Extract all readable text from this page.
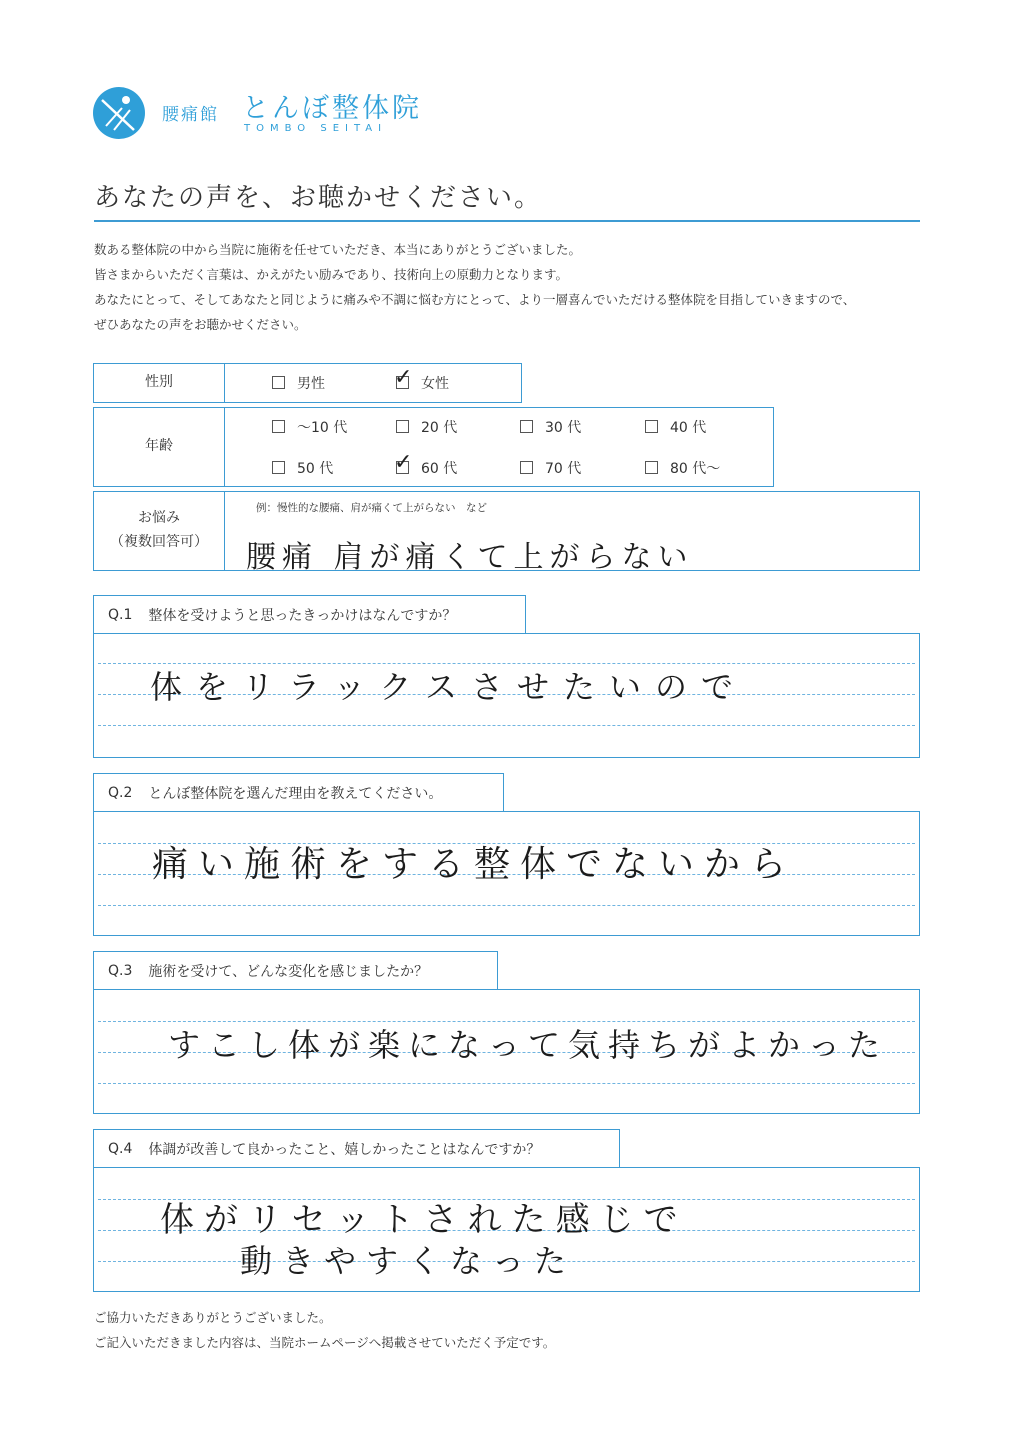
腰痛館 とんぼ整体院
TOMBO SEITAI
あなたの声を、お聴かせください。
数ある整体院の中から当院に施術を任せていただき、本当にありがとうございました。
皆さまからいただく言葉は、かえがたい励みであり、技術向上の原動力となります。
あなたにとって、そしてあなたと同じように痛みや不調に悩む方にとって、より一層喜んでいただける整体院を目指していきますので、
ぜひあなたの声をお聴かせください。
性別	男性	✓ 女性
年齢
～10 代	20 代	30 代	40 代
50 代	✓ 60 代	70 代	80 代～
お悩み
（複数回答可）
例：慢性的な腰痛、肩が痛くて上がらない　など
腰痛 肩が痛くて上がらない
Q.1 整体を受けようと思ったきっかけはなんですか？
体をリラックスさせたいので
Q.2 とんぼ整体院を選んだ理由を教えてください。
痛い施術をする整体でないから
Q.3 施術を受けて、どんな変化を感じましたか？
すこし体が楽になって気持ちがよかった
Q.4 体調が改善して良かったこと、嬉しかったことはなんですか？
体がリセットされた感じで
動きやすくなった
ご協力いただきありがとうございました。
ご記入いただきました内容は、当院ホームページへ掲載させていただく予定です。
